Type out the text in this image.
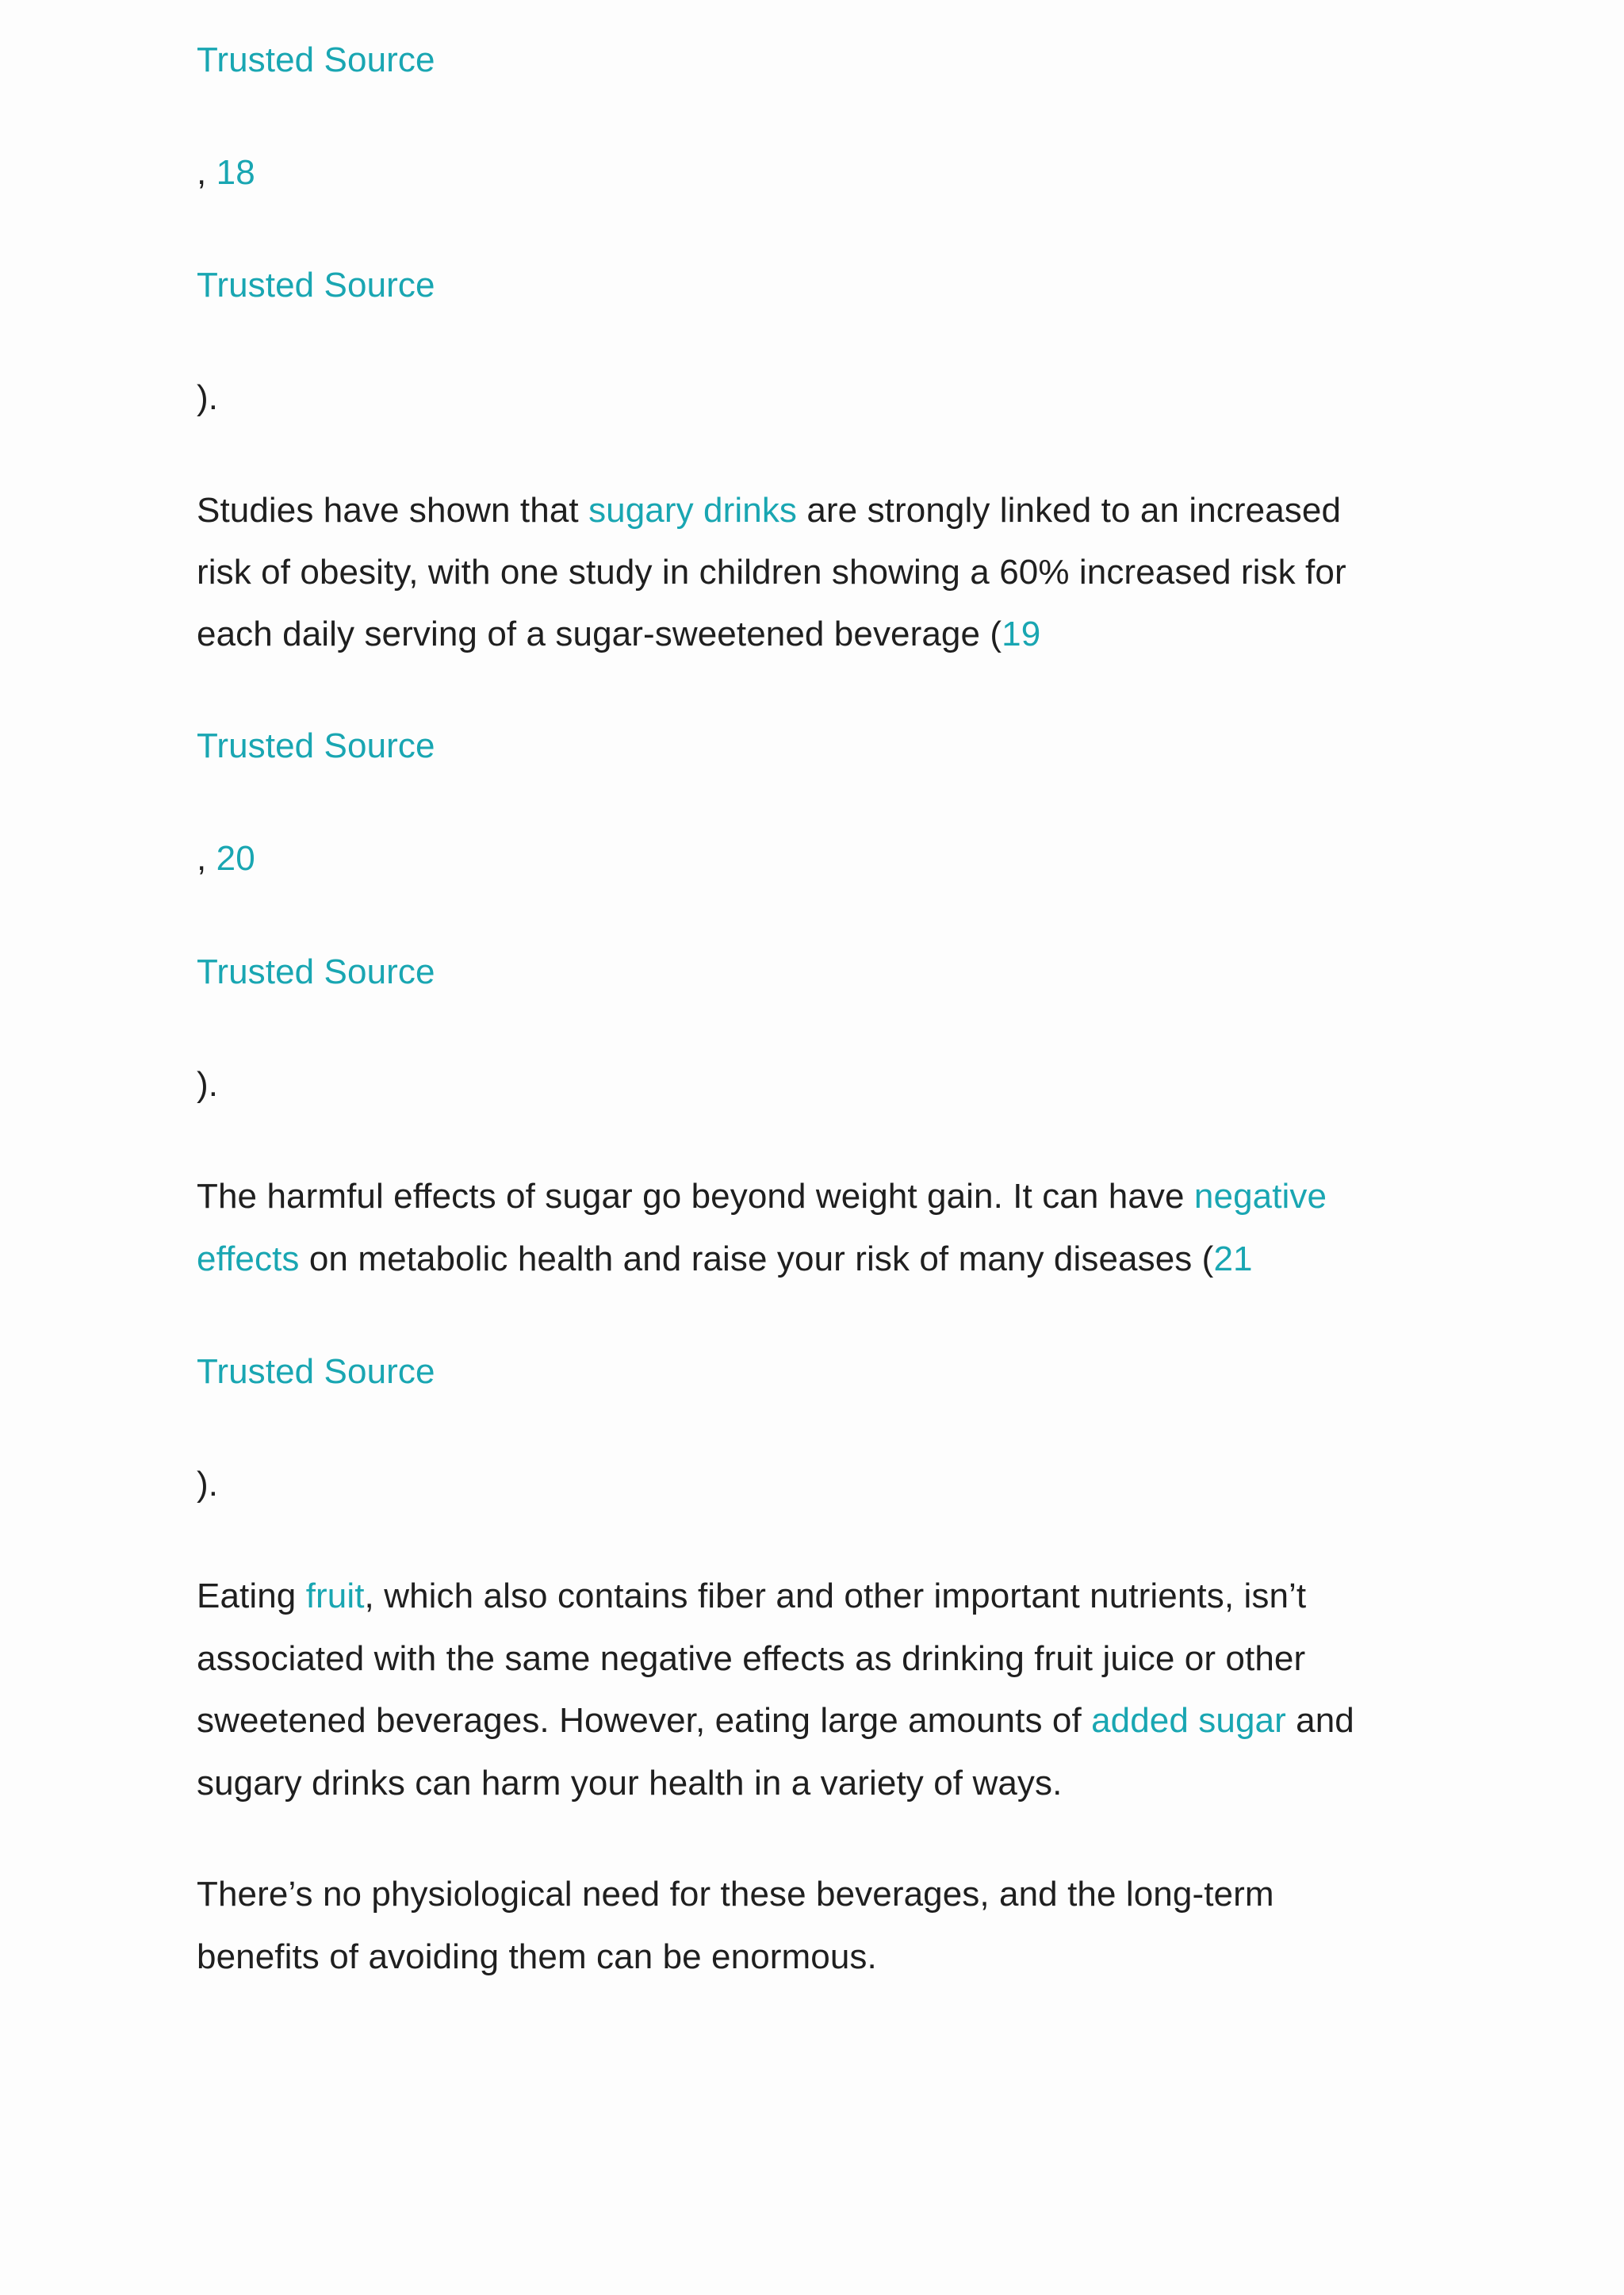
Trusted Source
, 18
Trusted Source
).
Studies have shown that sugary drinks are strongly linked to an increased
risk of obesity, with one study in children showing a 60% increased risk for
each daily serving of a sugar-sweetened beverage (19
Trusted Source
, 20
Trusted Source
).
The harmful effects of sugar go beyond weight gain. It can have negative
effects on metabolic health and raise your risk of many diseases (21
Trusted Source
).
Eating fruit, which also contains fiber and other important nutrients, isn’t
associated with the same negative effects as drinking fruit juice or other
sweetened beverages. However, eating large amounts of added sugar and
sugary drinks can harm your health in a variety of ways.
There’s no physiological need for these beverages, and the long-term
benefits of avoiding them can be enormous.
